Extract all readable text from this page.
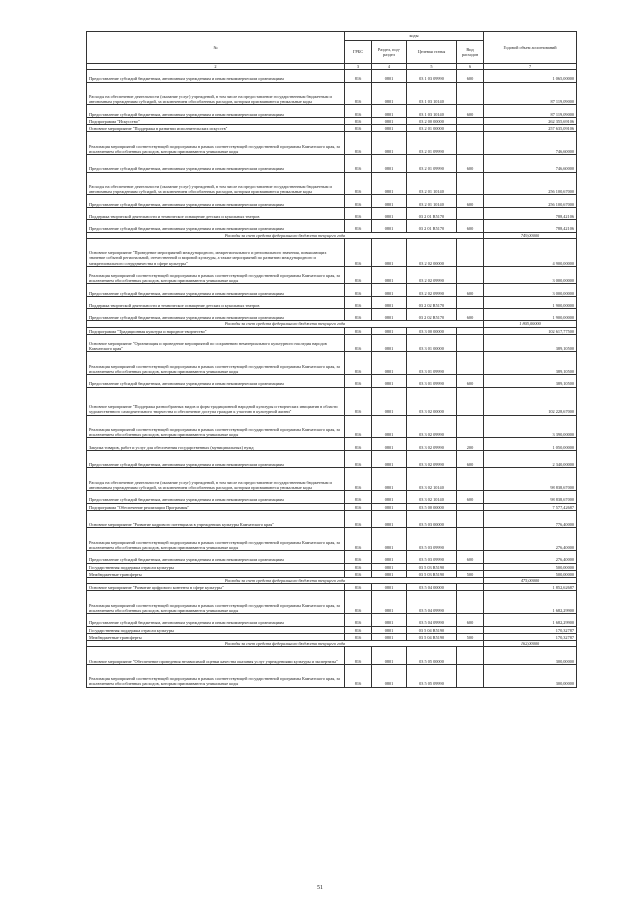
№	коды				Годовой объем ассигнований
	ГРБС	Раздел, под-раздел	Целевая статья	Вид расходов	
2	3	4	5	6	7
Предоставление субсидий бюджетным, автономным учреждениям и иным некоммерческим организациям	816	0801	03 1 03 09990	600	1 065,00000
Расходы на обеспечение деятельности (оказание услуг) учреждений, в том числе на предоставление государственным бюджетным и автономным учреждениям субсидий, за исключением обособленных расходов, которым присваиваются уникальные коды	816	0801	03 1 03 10140		87 119,09000
Предоставление субсидий бюджетным, автономным учреждениям и иным некоммерческим организациям	816	0801	03 1 03 10140	600	87 119,09000
Подпрограмма "Искусство"	816	0801	03 2 00 00000		262 355,69106
Основное мероприятие "Поддержка в развитии исполнительских искусств"	816	0801	03 2 01 00000		257 635,09106
Реализация мероприятий соответствующей подпрограммы в рамках соответствующей государственной программы Камчатского края, за исключением обособленных расходов, которым присваиваются уникальные коды	816	0801	03 2 01 09990		746,60000
Предоставление субсидий бюджетным, автономным учреждениям и иным некоммерческим организациям	816	0801	03 2 01 09990	600	746,60000
Расходы на обеспечение деятельности (оказание услуг) учреждений, в том числе на предоставление государственным бюджетным и автономным учреждениям субсидий, за исключением обособленных расходов, которым присваиваются уникальные коды	816	0801	03 2 01 10140		256 100,67000
Предоставление субсидий бюджетным, автономным учреждениям и иным некоммерческим организациям	816	0801	03 2 01 10140	600	256 100,67000
Поддержка творческой деятельности и техническое оснащение детских и кукольных театров	816	0801	03 2 01 R5170		788,42106
Предоставление субсидий бюджетным, автономным учреждениям и иным некоммерческим организациям	816	0801	03 2 01 R5170	600	788,42106
Расходы за счет средств федерального бюджета текущего года					749,00000
Основное мероприятие "Проведение мероприятий международного, межрегионального и регионального значения, повышающих значение событий региональной, отечественной и мировой культуры, а также мероприятий по развитию международного и межрегионального сотрудничества в сфере культуры"	816	0801	03 2 02 00000		4 900,00000
Реализация мероприятий соответствующей подпрограммы в рамках соответствующей государственной программы Камчатского края, за исключением обособленных расходов, которым присваиваются уникальные коды	816	0801	03 2 02 09990		3 000,00000
Предоставление субсидий бюджетным, автономным учреждениям и иным некоммерческим организациям	816	0801	03 2 02 09990	600	3 000,00000
Поддержка творческой деятельности и техническое оснащение детских и кукольных театров	816	0801	03 2 02 R5170		1 900,00000
Предоставление субсидий бюджетным, автономным учреждениям и иным некоммерческим организациям	816	0801	03 2 02 R5170	600	1 900,00000
Расходы за счет средств федерального бюджета текущего года					1 805,00000
Подпрограмма "Традиционная культура и народное творчество"	816	0801	03 3 00 00000		102 617,77500
Основное мероприятие "Организация и проведение мероприятий по сохранению нематериального культурного наследия народов Камчатского края"	816	0801	03 3 01 00000		389,10500
Реализация мероприятий соответствующей подпрограммы в рамках соответствующей государственной программы Камчатского края, за исключением обособленных расходов, которым присваиваются уникальные коды	816	0801	03 3 01 09990		389,10500
Предоставление субсидий бюджетным, автономным учреждениям и иным некоммерческим организациям	816	0801	03 3 01 09990	600	389,10500
Основное мероприятие "Поддержка разнообразных видов и форм традиционной народной культуры и творческих инициатив в области художественного самодеятельного творчества и обеспечение доступа граждан к участию в культурной жизни"	816	0801	03 3 02 00000		102 228,67000
Реализация мероприятий соответствующей подпрограммы в рамках соответствующей государственной программы Камчатского края, за исключением обособленных расходов, которым присваиваются уникальные коды	816	0801	03 3 02 09990		3 390,00000
Закупка товаров, работ и услуг для обеспечения государственных (муниципальных) нужд	816	0801	03 3 02 09990	200	1 050,00000
Предоставление субсидий бюджетным, автономным учреждениям и иным некоммерческим организациям	816	0801	03 3 02 09990	600	2 340,00000
Расходы на обеспечение деятельности (оказание услуг) учреждений, в том числе на предоставление государственным бюджетным и автономным учреждениям субсидий, за исключением обособленных расходов, которым присваиваются уникальные коды	816	0801	03 3 02 10140		98 838,67000
Предоставление субсидий бюджетным, автономным учреждениям и иным некоммерческим организациям	816	0801	03 3 02 10140	600	98 838,67000
Подпрограмма "Обеспечение реализации Программы"	816	0801	03 5 00 00000		7 577,42687
Основное мероприятие "Развитие кадрового потенциала в учреждениях культуры Камчатского края"	816	0801	03 5 03 00000		776,40000
Реализация мероприятий соответствующей подпрограммы в рамках соответствующей государственной программы Камчатского края, за исключением обособленных расходов, которым присваиваются уникальные коды	816	0801	03 5 03 09990		276,40000
Предоставление субсидий бюджетным, автономным учреждениям и иным некоммерческим организациям	816	0801	03 5 03 09990	600	276,40000
Государственная поддержка отрасли культуры	816	0801	03 5 03 R5190		500,00000
Межбюджетные трансферты	816	0801	03 5 03 R5190	500	500,00000
Расходы за счет средств федерального бюджета текущего года					475,00000
Основное мероприятие "Развитие цифрового контента в сфере культуры"	816	0801	03 5 04 00000		1 852,62687
Реализация мероприятий соответствующей подпрограммы в рамках соответствующей государственной программы Камчатского края, за исключением обособленных расходов, которым присваиваются уникальные коды	816	0801	03 5 04 09990		1 682,29900
Предоставление субсидий бюджетным, автономным учреждениям и иным некоммерческим организациям	816	0801	03 5 04 09990	600	1 682,29900
Государственная поддержка отрасли культуры	816	0801	03 5 04 R5190		170,32787
Межбюджетные трансферты	816	0801	03 5 04 R5190	500	170,32787
Расходы за счет средств федерального бюджета текущего года					162,00000
Основное мероприятие "Обеспечение проведения независимой оценки качества оказания услуг учреждениями культуры и экспертизы"	816	0801	03 5 05 00000		300,00000
Реализация мероприятий соответствующей подпрограммы в рамках соответствующей государственной программы Камчатского края, за исключением обособленных расходов, которым присваиваются уникальные коды	816	0801	03 5 05 09990		300,00000
51
